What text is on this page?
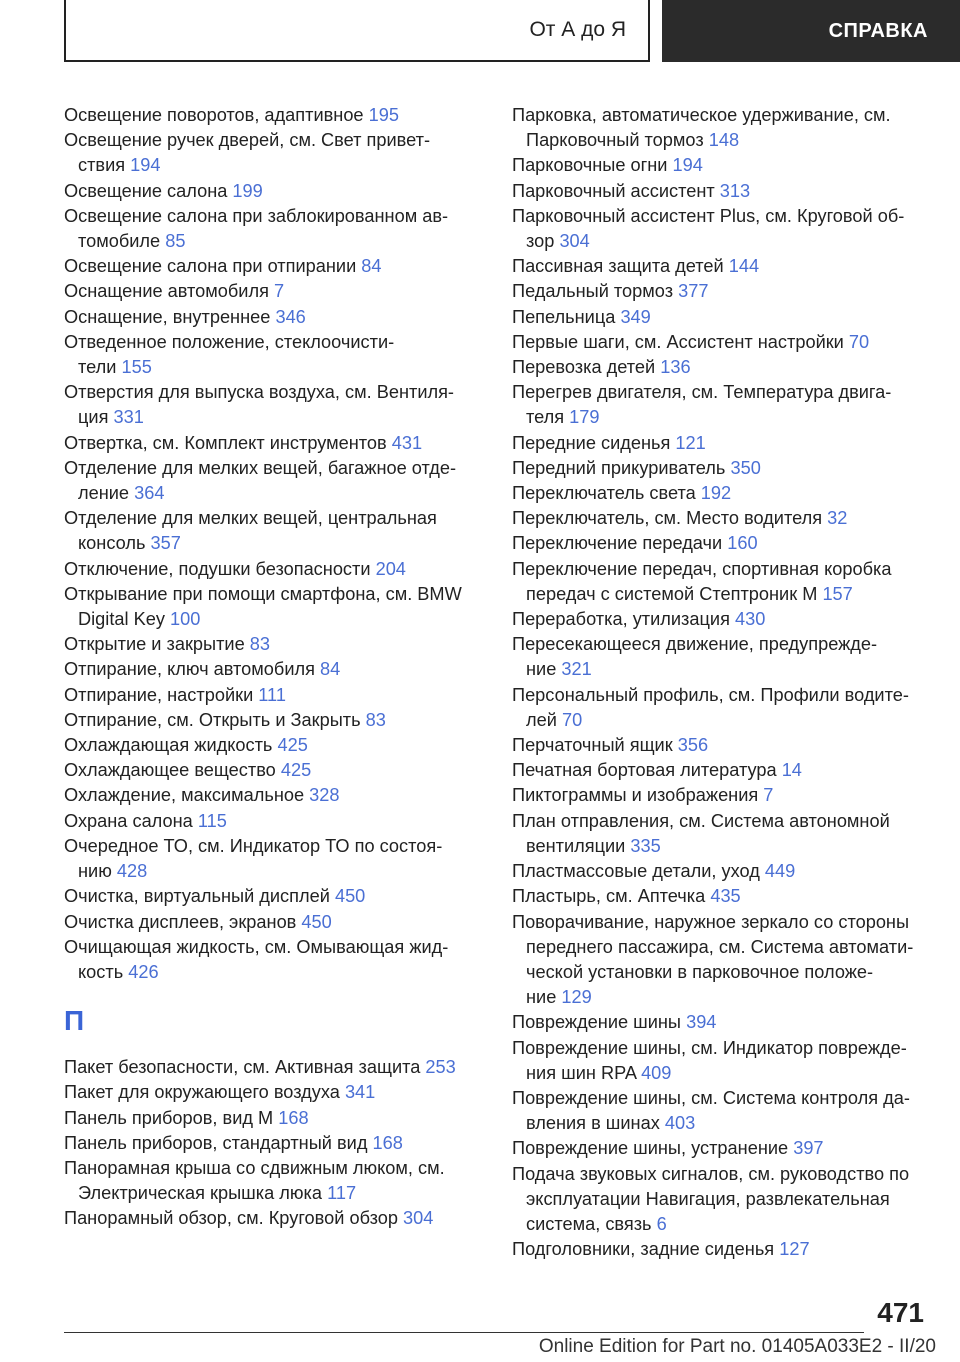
От А до Я	СПРАВКА
Освещение поворотов, адаптивное 195
Освещение ручек дверей, см. Свет привет-
ствия 194
Освещение салона 199
Освещение салона при заблокированном ав-
томобиле 85
Освещение салона при отпирании 84
Оснащение автомобиля 7
Оснащение, внутреннее 346
Отведенное положение, стеклоочисти-
тели 155
Отверстия для выпуска воздуха, см. Вентиля-
ция 331
Отвертка, см. Комплект инструментов 431
Отделение для мелких вещей, багажное отде-
ление 364
Отделение для мелких вещей, центральная
консоль 357
Отключение, подушки безопасности 204
Открывание при помощи смартфона, см. BMW
Digital Key 100
Открытие и закрытие 83
Отпирание, ключ автомобиля 84
Отпирание, настройки 111
Отпирание, см. Открыть и Закрыть 83
Охлаждающая жидкость 425
Охлаждающее вещество 425
Охлаждение, максимальное 328
Охрана салона 115
Очередное ТО, см. Индикатор ТО по состоя-
нию 428
Очистка, виртуальный дисплей 450
Очистка дисплеев, экранов 450
Очищающая жидкость, см. Омывающая жид-
кость 426
П
Пакет безопасности, см. Активная защита 253
Пакет для окружающего воздуха 341
Панель приборов, вид M 168
Панель приборов, стандартный вид 168
Панорамная крыша со сдвижным люком, см.
Электрическая крышка люка 117
Панорамный обзор, см. Круговой обзор 304
Парковка, автоматическое удерживание, см.
Парковочный тормоз 148
Парковочные огни 194
Парковочный ассистент 313
Парковочный ассистент Plus, см. Круговой об-
зор 304
Пассивная защита детей 144
Педальный тормоз 377
Пепельница 349
Первые шаги, см. Ассистент настройки 70
Перевозка детей 136
Перегрев двигателя, см. Температура двига-
теля 179
Передние сиденья 121
Передний прикуриватель 350
Переключатель света 192
Переключатель, см. Место водителя 32
Переключение передачи 160
Переключение передач, спортивная коробка
передач с системой Стептроник M 157
Переработка, утилизация 430
Пересекающееся движение, предупрежде-
ние 321
Персональный профиль, см. Профили водите-
лей 70
Перчаточный ящик 356
Печатная бортовая литература 14
Пиктограммы и изображения 7
План отправления, см. Система автономной
вентиляции 335
Пластмассовые детали, уход 449
Пластырь, см. Аптечка 435
Поворачивание, наружное зеркало со стороны
переднего пассажира, см. Система автомати-
ческой установки в парковочное положе-
ние 129
Повреждение шины 394
Повреждение шины, см. Индикатор поврежде-
ния шин RPA 409
Повреждение шины, см. Система контроля да-
вления в шинах 403
Повреждение шины, устранение 397
Подача звуковых сигналов, см. руководство по
эксплуатации Навигация, развлекательная
система, связь 6
Подголовники, задние сиденья 127
471
Online Edition for Part no. 01405A033E2 - II/20
